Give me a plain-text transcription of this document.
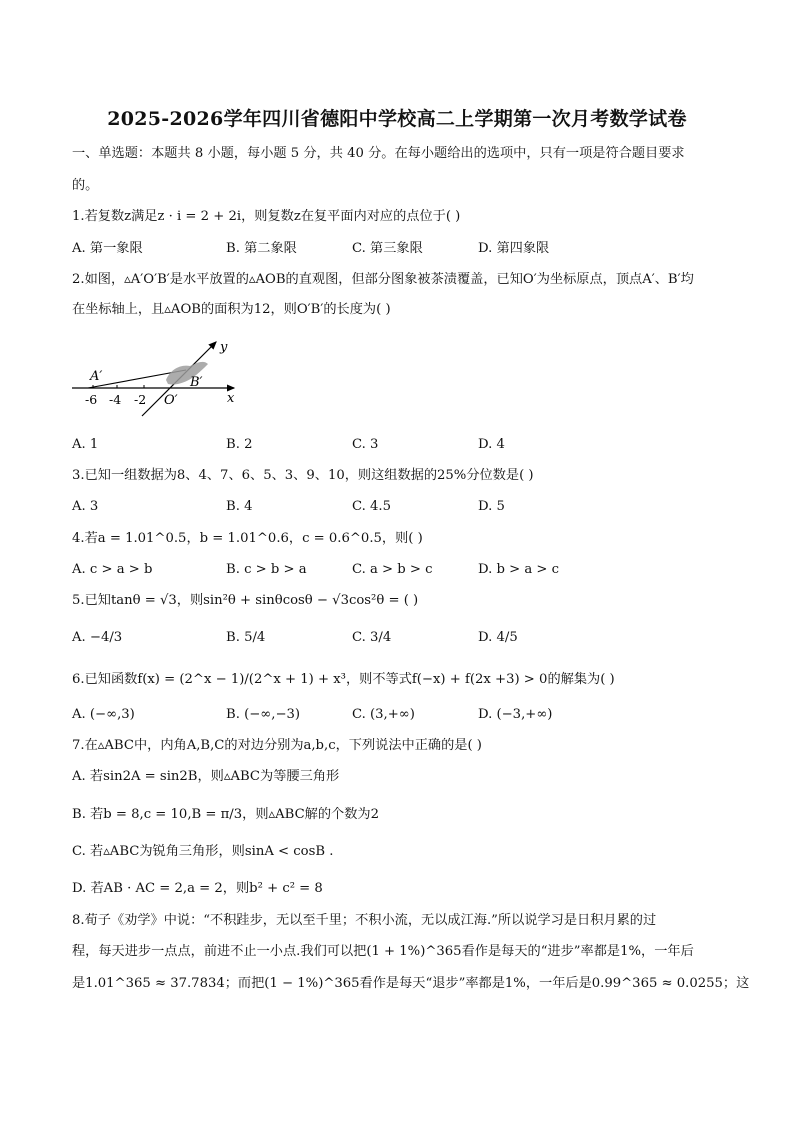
2025-2026学年四川省德阳中学校高二上学期第一次月考数学试卷
一、单选题：本题共 8 小题，每小题 5 分，共 40 分。在每小题给出的选项中，只有一项是符合题目要求
的。
1.若复数z满足z · i = 2 + 2i，则复数z在复平面内对应的点位于( )
A. 第一象限	B. 第二象限	C. 第三象限	D. 第四象限
2.如图，▵A′O′B′是水平放置的▵AOB的直观图，但部分图象被茶渍覆盖，已知O′为坐标原点，顶点A′、B′均
在坐标轴上，且▵AOB的面积为12，则O′B′的长度为( )
A′	B′
O′	x
y
-6 -4 -2
A. 1	B. 2	C. 3	D. 4
3.已知一组数据为8、4、7、6、5、3、9、10，则这组数据的25%分位数是( )
A. 3	B. 4	C. 4.5	D. 5
4.若a = 1.01^0.5，b = 1.01^0.6，c = 0.6^0.5，则( )
A. c > a > b	B. c > b > a	C. a > b > c	D. b > a > c
5.已知tanθ = √3，则sin²θ + sinθcosθ − √3cos²θ = ( )
A. −4/3	B. 5/4	C. 3/4	D. 4/5
6.已知函数f(x) = (2^x − 1)/(2^x + 1) + x³，则不等式f(−x) + f(2x +3) > 0的解集为( )
A. (−∞,3)	B. (−∞,−3)	C. (3,+∞)	D. (−3,+∞)
7.在▵ABC中，内角A,B,C的对边分别为a,b,c，下列说法中正确的是( )
A. 若sin2A = sin2B，则▵ABC为等腰三角形
B. 若b = 8,c = 10,B = π/3，则▵ABC解的个数为2
C. 若▵ABC为锐角三角形，则sinA < cosB .
D. 若AB · AC = 2,a = 2，则b² + c² = 8
8.荀子《劝学》中说：“不积跬步，无以至千里；不积小流，无以成江海.”所以说学习是日积月累的过
程，每天进步一点点，前进不止一小点.我们可以把(1 + 1%)^365看作是每天的“进步”率都是1%，一年后
是1.01^365 ≈ 37.7834；而把(1 − 1%)^365看作是每天“退步”率都是1%，一年后是0.99^365 ≈ 0.0255；这
